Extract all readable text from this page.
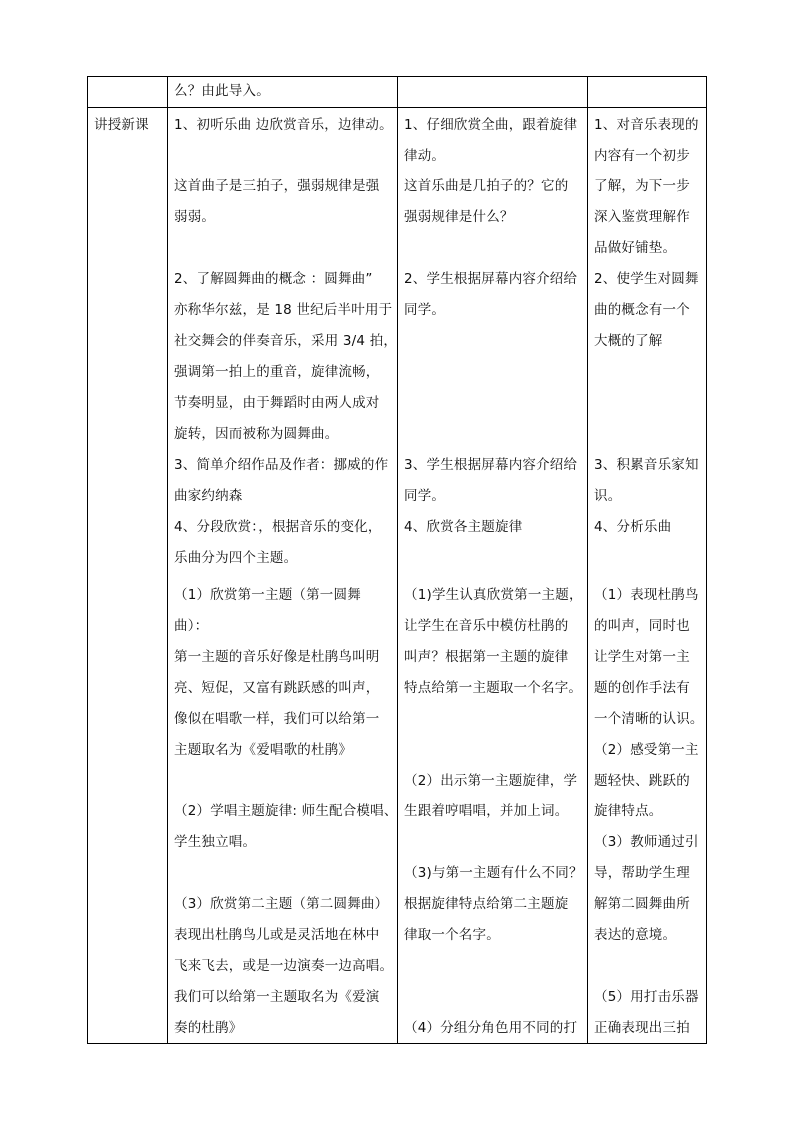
么？由此导入。
讲授新课 1、初听乐曲 边欣赏音乐，边律动。
这首曲子是三拍子，强弱规律是强
弱弱。
2、了解圆舞曲的概念 ：圆舞曲”
亦称华尔兹，是 18 世纪后半叶用于
社交舞会的伴奏音乐，采用 3/4 拍，
强调第一拍上的重音，旋律流畅，
节奏明显，由于舞蹈时由两人成对
旋转，因而被称为圆舞曲。
3、简单介绍作品及作者：挪威的作
曲家约纳森
4、分段欣赏：，根据音乐的变化，
乐曲分为四个主题。
（1）欣赏第一主题（第一圆舞
曲）：
第一主题的音乐好像是杜鹃鸟叫明
亮、短促，又富有跳跃感的叫声，
像似在唱歌一样，我们可以给第一
主题取名为《爱唱歌的杜鹃》
（2）学唱主题旋律: 师生配合模唱、
学生独立唱。
（3）欣赏第二主题（第二圆舞曲）
表现出杜鹃鸟儿或是灵活地在林中
飞来飞去，或是一边演奏一边高唱。
我们可以给第一主题取名为《爱演
奏的杜鹃》
1、仔细欣赏全曲，跟着旋律
律动。
这首乐曲是几拍子的？它的
强弱规律是什么？
2、学生根据屏幕内容介绍给
同学。
3、学生根据屏幕内容介绍给
同学。
4、欣赏各主题旋律
（1)学生认真欣赏第一主题，
让学生在音乐中模仿杜鹃的
叫声？根据第一主题的旋律
特点给第一主题取一个名字。
（2）出示第一主题旋律，学
生跟着哼唱唱，并加上词。
（3)与第一主题有什么不同？
根据旋律特点给第二主题旋
律取一个名字。
（4）分组分角色用不同的打
1、对音乐表现的
内容有一个初步
了解，为下一步
深入鉴赏理解作
品做好铺垫。
2、使学生对圆舞
曲的概念有一个
大概的了解
3、积累音乐家知
识。
4、分析乐曲
（1）表现杜鹃鸟
的叫声，同时也
让学生对第一主
题的创作手法有
一个清晰的认识。
（2）感受第一主
题轻快、跳跃的
旋律特点。
（3）教师通过引
导，帮助学生理
解第二圆舞曲所
表达的意境。
（5）用打击乐器
正确表现出三拍
